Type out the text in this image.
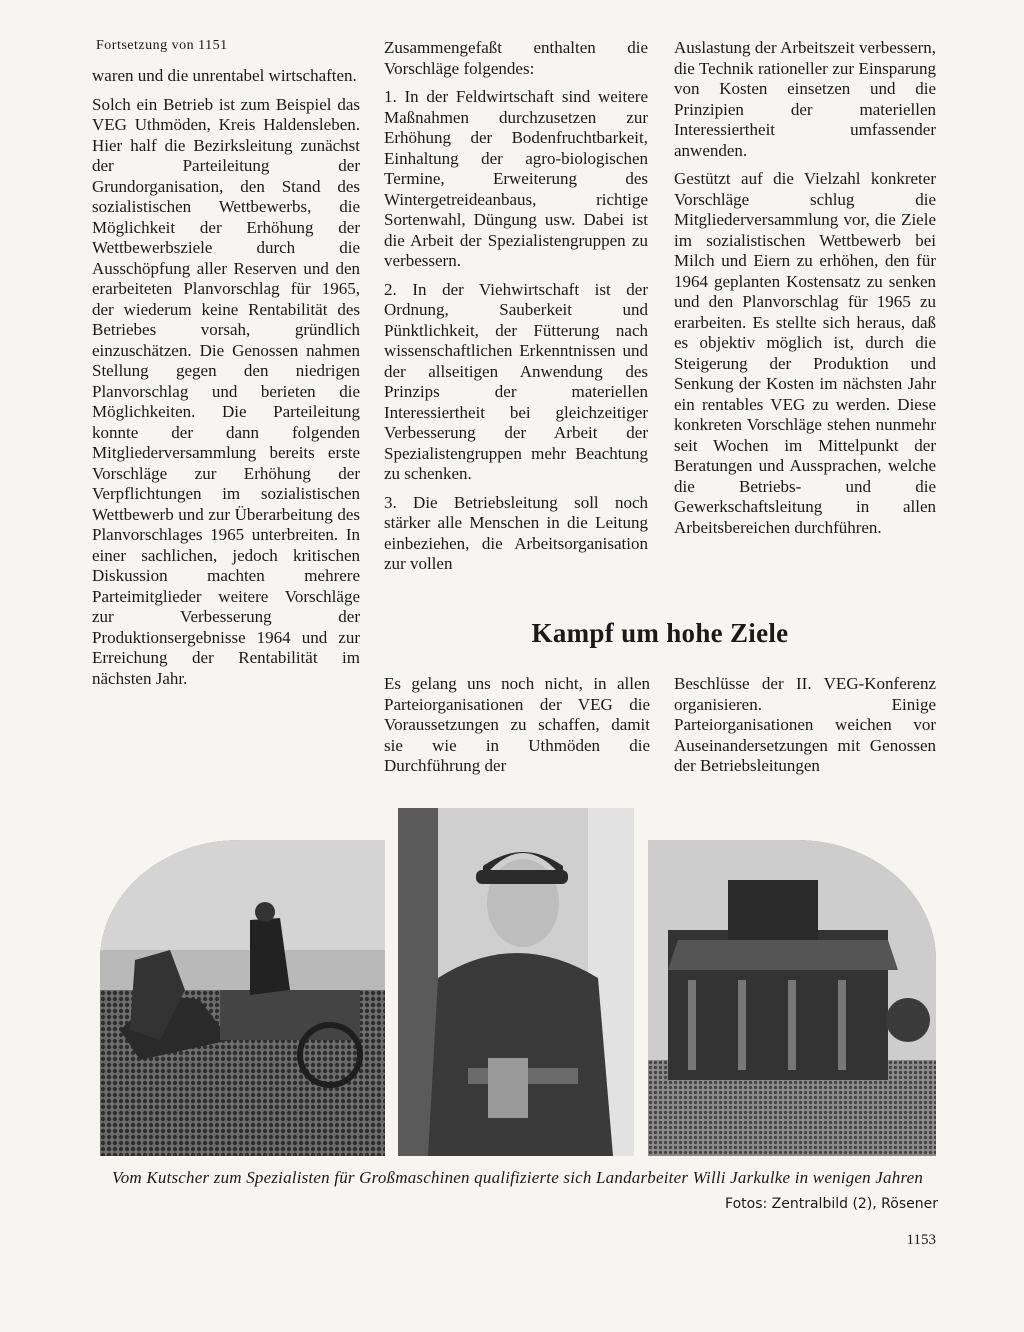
Fortsetzung von 1151

waren und die unrentabel wirtschaften.

Solch ein Betrieb ist zum Beispiel das VEG Uthmöden, Kreis Haldensleben. Hier half die Bezirksleitung zunächst der Parteileitung der Grundorganisation, den Stand des sozialistischen Wettbewerbs, die Möglichkeit der Erhöhung der Wettbewerbsziele durch die Ausschöpfung aller Reserven und den erarbeiteten Planvorschlag für 1965, der wiederum keine Rentabilität des Betriebes vorsah, gründlich einzuschätzen. Die Genossen nahmen Stellung gegen den niedrigen Planvorschlag und berieten die Möglichkeiten. Die Parteileitung konnte der dann folgenden Mitgliederversammlung bereits erste Vorschläge zur Erhöhung der Verpflichtungen im sozialistischen Wettbewerb und zur Überarbeitung des Planvorschlages 1965 unterbreiten. In einer sachlichen, jedoch kritischen Diskussion machten mehrere Parteimitglieder weitere Vorschläge zur Verbesserung der Produktionsergebnisse 1964 und zur Erreichung der Rentabilität im nächsten Jahr.

Zusammengefaßt enthalten die Vorschläge folgendes:

1. In der Feldwirtschaft sind weitere Maßnahmen durchzusetzen zur Erhöhung der Bodenfruchtbarkeit, Einhaltung der agro-biologischen Termine, Erweiterung des Wintergetreideanbaus, richtige Sortenwahl, Düngung usw. Dabei ist die Arbeit der Spezialistengruppen zu verbessern.

2. In der Viehwirtschaft ist der Ordnung, Sauberkeit und Pünktlichkeit, der Fütterung nach wissenschaftlichen Erkenntnissen und der allseitigen Anwendung des Prinzips der materiellen Interessiertheit bei gleichzeitiger Verbesserung der Arbeit der Spezialistengruppen mehr Beachtung zu schenken.

3. Die Betriebsleitung soll noch stärker alle Menschen in die Leitung einbeziehen, die Arbeitsorganisation zur vollen

Auslastung der Arbeitszeit verbessern, die Technik rationeller zur Einsparung von Kosten einsetzen und die Prinzipien der materiellen Interessiertheit umfassender anwenden.

Gestützt auf die Vielzahl konkreter Vorschläge schlug die Mitgliederversammlung vor, die Ziele im sozialistischen Wettbewerb bei Milch und Eiern zu erhöhen, den für 1964 geplanten Kostensatz zu senken und den Planvorschlag für 1965 zu erarbeiten. Es stellte sich heraus, daß es objektiv möglich ist, durch die Steigerung der Produktion und Senkung der Kosten im nächsten Jahr ein rentables VEG zu werden. Diese konkreten Vorschläge stehen nunmehr seit Wochen im Mittelpunkt der Beratungen und Aussprachen, welche die Betriebs- und die Gewerkschaftsleitung in allen Arbeitsbereichen durchführen.

Kampf um hohe Ziele

Es gelang uns noch nicht, in allen Parteiorganisationen der VEG die Voraussetzungen zu schaffen, damit sie wie in Uthmöden die Durchführung der

Beschlüsse der II. VEG-Konferenz organisieren. Einige Parteiorganisationen weichen vor Auseinandersetzungen mit Genossen der Betriebsleitungen

Vom Kutscher zum Spezialisten für Großmaschinen qualifizierte sich Landarbeiter Willi Jarkulke in wenigen Jahren
Fotos: Zentralbild (2), Rösener
1153
